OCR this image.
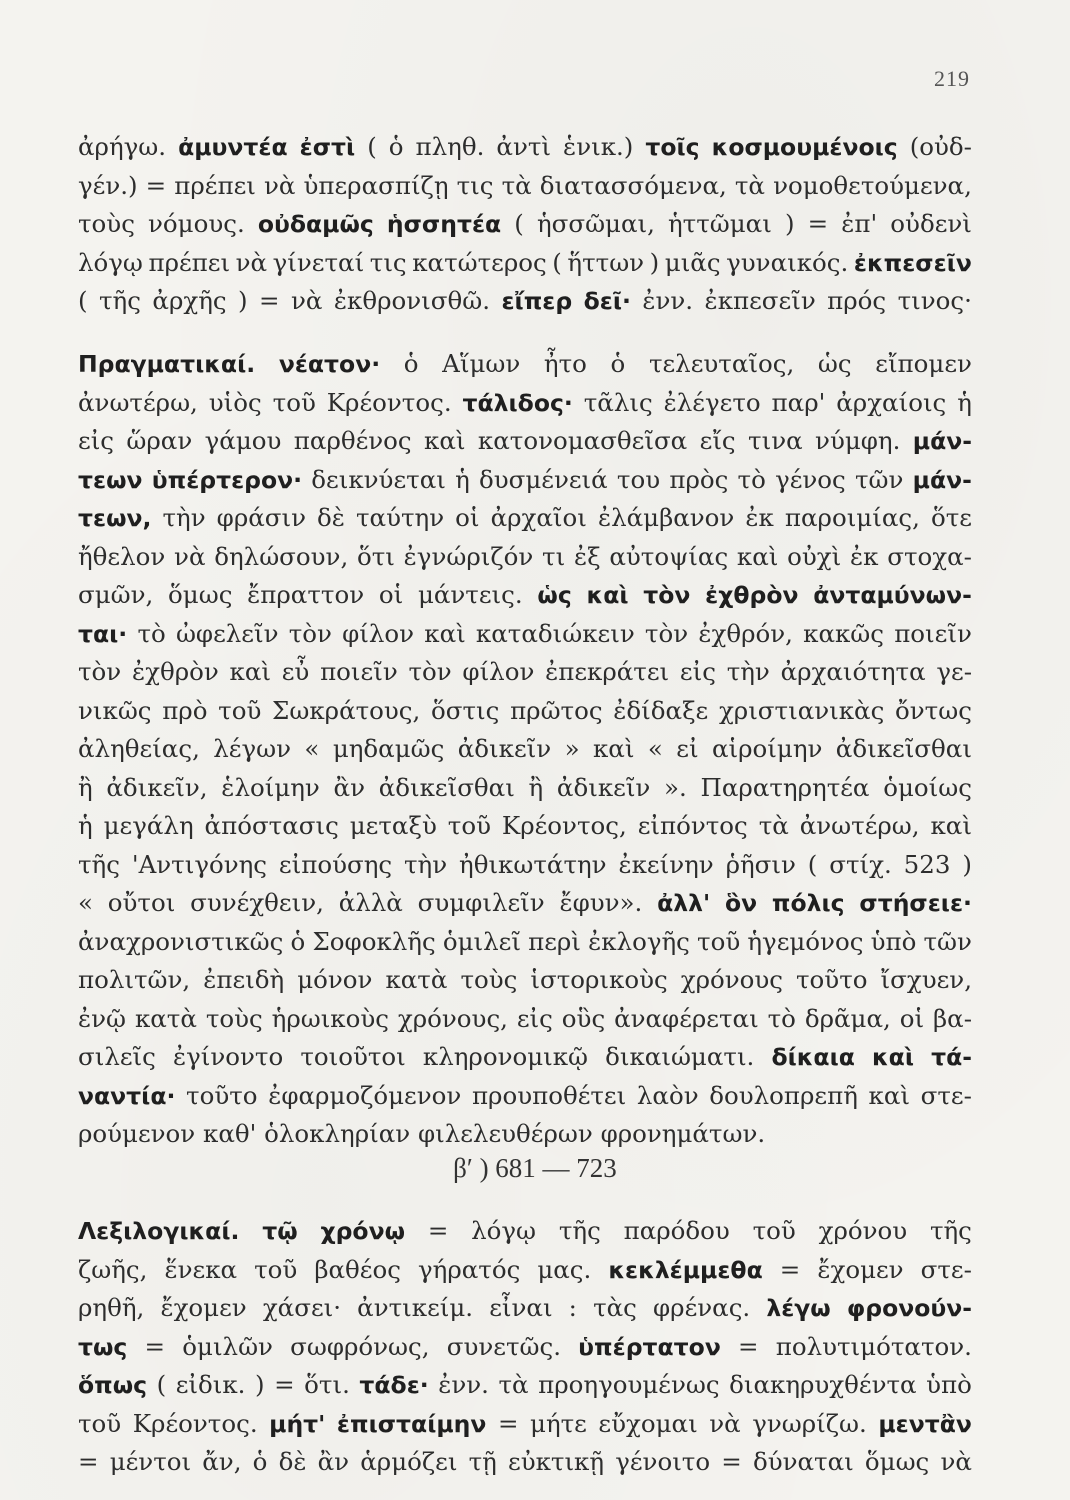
219
ἀρήγω. ἀμυντέα ἐστὶ ( ὁ πληθ. ἀντὶ ἑνικ.) τοῖς κοσμουμένοις (οὐδ-
γέν.) = πρέπει νὰ ὑπερασπίζῃ τις τὰ διατασσόμενα, τὰ νομοθετούμενα,
τοὺς νόμους. οὐδαμῶς ἡσσητέα ( ἡσσῶμαι, ἡττῶμαι ) = ἐπ' οὐδενὶ
λόγῳ πρέπει νὰ γίνεταί τις κατώτερος ( ἥττων ) μιᾶς γυναικός. ἐκπεσεῖν
( τῆς ἀρχῆς ) = νὰ ἐκθρονισθῶ. εἴπερ δεῖ· ἐνν. ἐκπεσεῖν πρός τινος·
Πραγματικαί. νέατον· ὁ Αἵμων ἦτο ὁ τελευταῖος, ὡς εἴπομεν
ἀνωτέρω, υἱὸς τοῦ Κρέοντος. τάλιδος· τᾶλις ἐλέγετο παρ' ἀρχαίοις ἡ
εἰς ὥραν γάμου παρθένος καὶ κατονομασθεῖσα εἴς τινα νύμφη. μάν-
τεων ὑπέρτερον· δεικνύεται ἡ δυσμένειά του πρὸς τὸ γένος τῶν μάν-
τεων, τὴν φράσιν δὲ ταύτην οἱ ἀρχαῖοι ἐλάμβανον ἐκ παροιμίας, ὅτε
ἤθελον νὰ δηλώσουν, ὅτι ἐγνώριζόν τι ἐξ αὐτοψίας καὶ οὐχὶ ἐκ στοχα-
σμῶν, ὅμως ἔπραττον οἱ μάντεις. ὡς καὶ τὸν ἐχθρὸν ἀνταμύνων-
ται· τὸ ὠφελεῖν τὸν φίλον καὶ καταδιώκειν τὸν ἐχθρόν, κακῶς ποιεῖν
τὸν ἐχθρὸν καὶ εὖ ποιεῖν τὸν φίλον ἐπεκράτει εἰς τὴν ἀρχαιότητα γε-
νικῶς πρὸ τοῦ Σωκράτους, ὅστις πρῶτος ἐδίδαξε χριστιανικὰς ὄντως
ἀληθείας, λέγων « μηδαμῶς ἀδικεῖν » καὶ « εἰ αἱροίμην ἀδικεῖσθαι
ἢ ἀδικεῖν, ἑλοίμην ἂν ἀδικεῖσθαι ἢ ἀδικεῖν ». Παρατηρητέα ὁμοίως
ἡ μεγάλη ἀπόστασις μεταξὺ τοῦ Κρέοντος, εἰπόντος τὰ ἀνωτέρω, καὶ
τῆς 'Αντιγόνης εἰπούσης τὴν ἠθικωτάτην ἐκείνην ῥῆσιν ( στίχ. 523 )
« οὔτοι συνέχθειν, ἀλλὰ συμφιλεῖν ἔφυν». ἀλλ' ὃν πόλις στήσειε·
ἀναχρονιστικῶς ὁ Σοφοκλῆς ὁμιλεῖ περὶ ἐκλογῆς τοῦ ἡγεμόνος ὑπὸ τῶν
πολιτῶν, ἐπειδὴ μόνον κατὰ τοὺς ἱστορικοὺς χρόνους τοῦτο ἴσχυεν,
ἐνῷ κατὰ τοὺς ἡρωικοὺς χρόνους, εἰς οὓς ἀναφέρεται τὸ δρᾶμα, οἱ βα-
σιλεῖς ἐγίνοντο τοιοῦτοι κληρονομικῷ δικαιώματι. δίκαια καὶ τά-
ναντία· τοῦτο ἐφαρμοζόμενον προυποθέτει λαὸν δουλοπρεπῆ καὶ στε-
ρούμενον καθ' ὁλοκληρίαν φιλελευθέρων φρονημάτων.
β′ ) 681 — 723
Λεξιλογικαί. τῷ χρόνῳ = λόγῳ τῆς παρόδου τοῦ χρόνου τῆς
ζωῆς, ἕνεκα τοῦ βαθέος γήρατός μας. κεκλέμμεθα = ἔχομεν στε-
ρηθῆ, ἔχομεν χάσει· ἀντικείμ. εἶναι : τὰς φρένας. λέγω φρονούν-
τως = ὁμιλῶν σωφρόνως, συνετῶς. ὑπέρτατον = πολυτιμότατον.
ὅπως ( εἰδικ. ) = ὅτι. τάδε· ἐνν. τὰ προηγουμένως διακηρυχθέντα ὑπὸ
τοῦ Κρέοντος. μήτ' ἐπισταίμην = μήτε εὔχομαι νὰ γνωρίζω. μεντἂν
= μέντοι ἄν, ὁ δὲ ἂν ἁρμόζει τῇ εὐκτικῇ γένοιτο = δύναται ὅμως νὰ
